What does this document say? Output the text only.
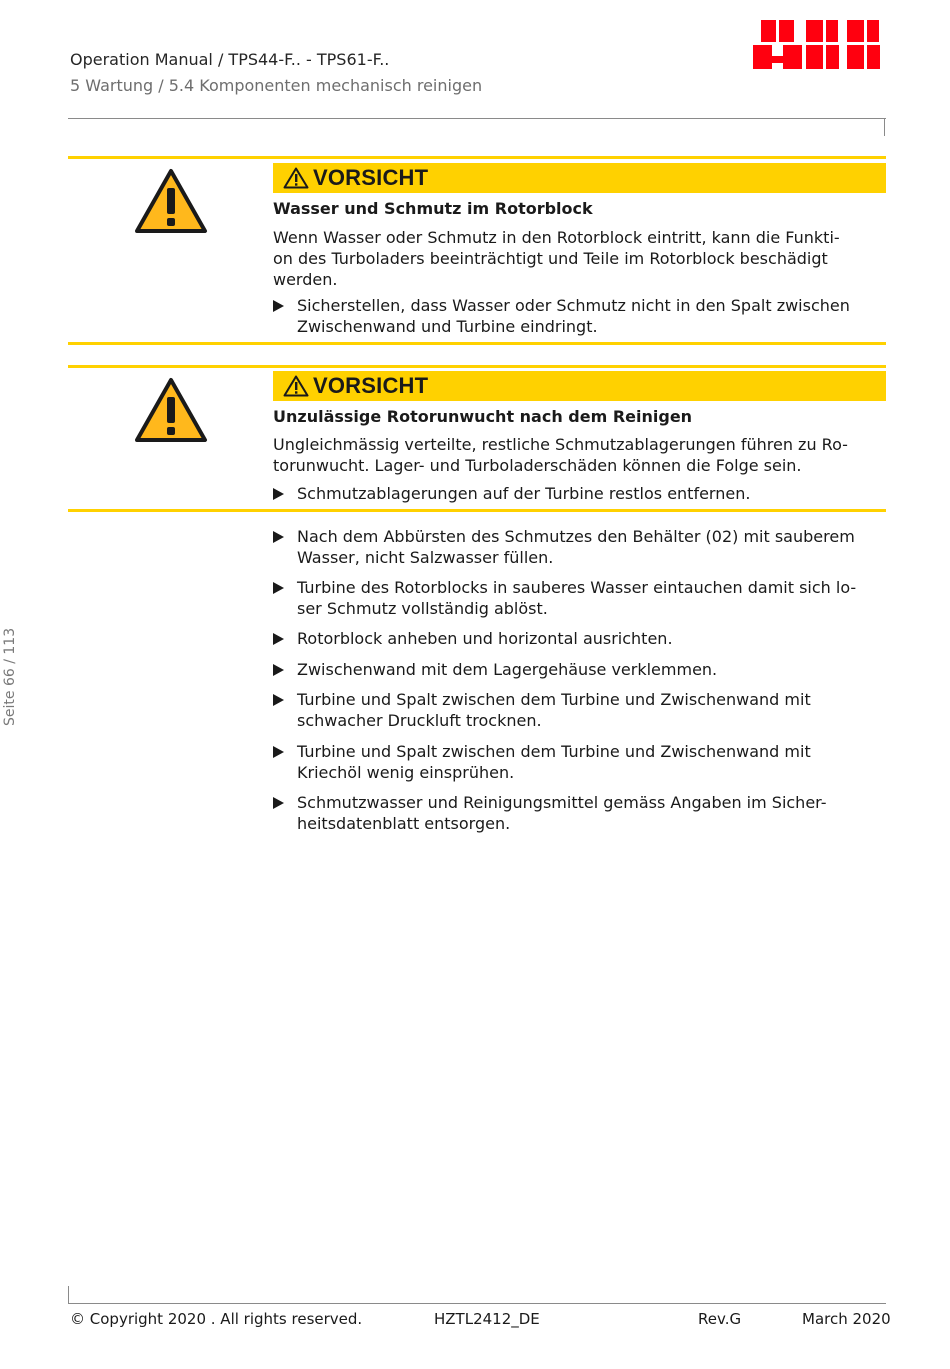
Operation Manual / TPS44-F.. - TPS61-F..
5 Wartung / 5.4 Komponenten mechanisch reinigen
VORSICHT
Wasser und Schmutz im Rotorblock
Wenn Wasser oder Schmutz in den Rotorblock eintritt, kann die Funkti-
on des Turboladers beeinträchtigt und Teile im Rotorblock beschädigt
werden.
Sicherstellen, dass Wasser oder Schmutz nicht in den Spalt zwischen
Zwischenwand und Turbine eindringt.
VORSICHT
Unzulässige Rotorunwucht nach dem Reinigen
Ungleichmässig verteilte, restliche Schmutzablagerungen führen zu Ro-
torunwucht. Lager- und Turboladerschäden können die Folge sein.
Schmutzablagerungen auf der Turbine restlos entfernen.
Nach dem Abbürsten des Schmutzes den Behälter (02) mit sauberem
Wasser, nicht Salzwasser füllen.
Turbine des Rotorblocks in sauberes Wasser eintauchen damit sich lo-
ser Schmutz vollständig ablöst.
Rotorblock anheben und horizontal ausrichten.
Zwischenwand mit dem Lagergehäuse verklemmen.
Turbine und Spalt zwischen dem Turbine und Zwischenwand mit
schwacher Druckluft trocknen.
Turbine und Spalt zwischen dem Turbine und Zwischenwand mit
Kriechöl wenig einsprühen.
Schmutzwasser und Reinigungsmittel gemäss Angaben im Sicher-
heitsdatenblatt entsorgen.
Seite 66 / 113
© Copyright 2020 . All rights reserved.	HZTL2412_DE	Rev.G	March 2020
